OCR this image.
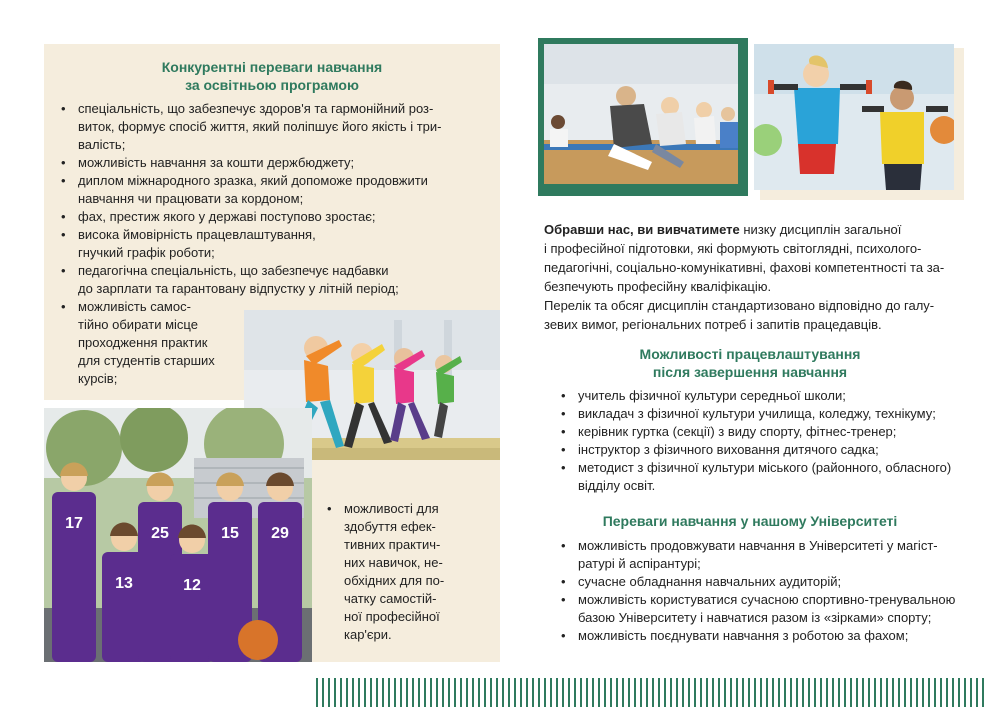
Конкурентні переваги навчання

за освітньою програмою

• спеціальність, що забезпечує здоров'я та гармонійний роз-
виток, формує спосіб життя, який поліпшує його якість і три-
валість;
• можливість навчання за кошти держбюджету;
• диплом міжнародного зразка, який допоможе продовжити
навчання чи працювати за кордоном;
• фах, престиж якого у державі поступово зростає;
• висока ймовірність працевлаштування,
гнучкий графік роботи;
• педагогічна спеціальність, що забезпечує надбавки
до зарплати та гарантовану відпустку у літній період;
• можливість самос-
тійно обирати місце
проходження практик
для студентів старших
курсів;
17
13
25
12
15 29
• можливості для
здобуття ефек-
тивних практич-
них навичок, не-
обхідних для по-
чатку самостій-
ної професійної
кар'єри.

Обравши нас, ви вивчатимете низку дисциплін загальної

і професійної підготовки, які формують світоглядні, психолого-

педагогічні, соціально-комунікативні, фахові компетентності та за-

безпечують професійну кваліфікацію.

Перелік та обсяг дисциплін стандартизовано відповідно до галу-

зевих вимог, регіональних потреб і запитів працедавців.

Можливості працевлаштування

після завершення навчання

• учитель фізичної культури середньої школи;
• викладач з фізичної культури училища, коледжу, технікуму;
• керівник гуртка (секції) з виду спорту, фітнес-тренер;
• інструктор з фізичного виховання дитячого садка;
• методист з фізичної культури міського (районного, обласного)
відділу освіт.

Переваги навчання у нашому Університеті

• можливість продовжувати навчання в Університеті у магіст-
ратурі й аспірантурі;
• сучасне обладнання навчальних аудиторій;
• можливість користуватися сучасною спортивно-тренувальною
базою Університету і навчатися разом із «зірками» спорту;
• можливість поєднувати навчання з роботою за фахом;
